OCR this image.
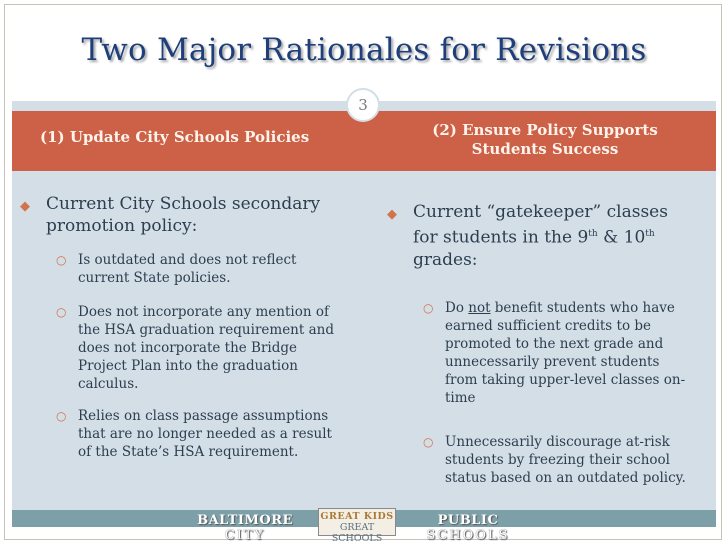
Two Major Rationales for Revisions
3
(1) Update City Schools Policies	(2) Ensure Policy Supports
Students Success
◆ Current City Schools secondary promotion policy:
○ Is outdated and does not reflect current State policies.
○ Does not incorporate any mention of the HSA graduation requirement and does not incorporate the Bridge Project Plan into the graduation calculus.
○ Relies on class passage assumptions that are no longer needed as a result of the State’s HSA requirement.
◆ Current “gatekeeper” classes for students in the 9th & 10th grades:
○ Do not benefit students who have earned sufficient credits to be promoted to the next grade and unnecessarily prevent students from taking upper-level classes on-time
○ Unnecessarily discourage at-risk students by freezing their school status based on an outdated policy.
BALTIMORE
CITY
GREAT KIDS
GREAT SCHOOLS
PUBLIC
SCHOOLS
